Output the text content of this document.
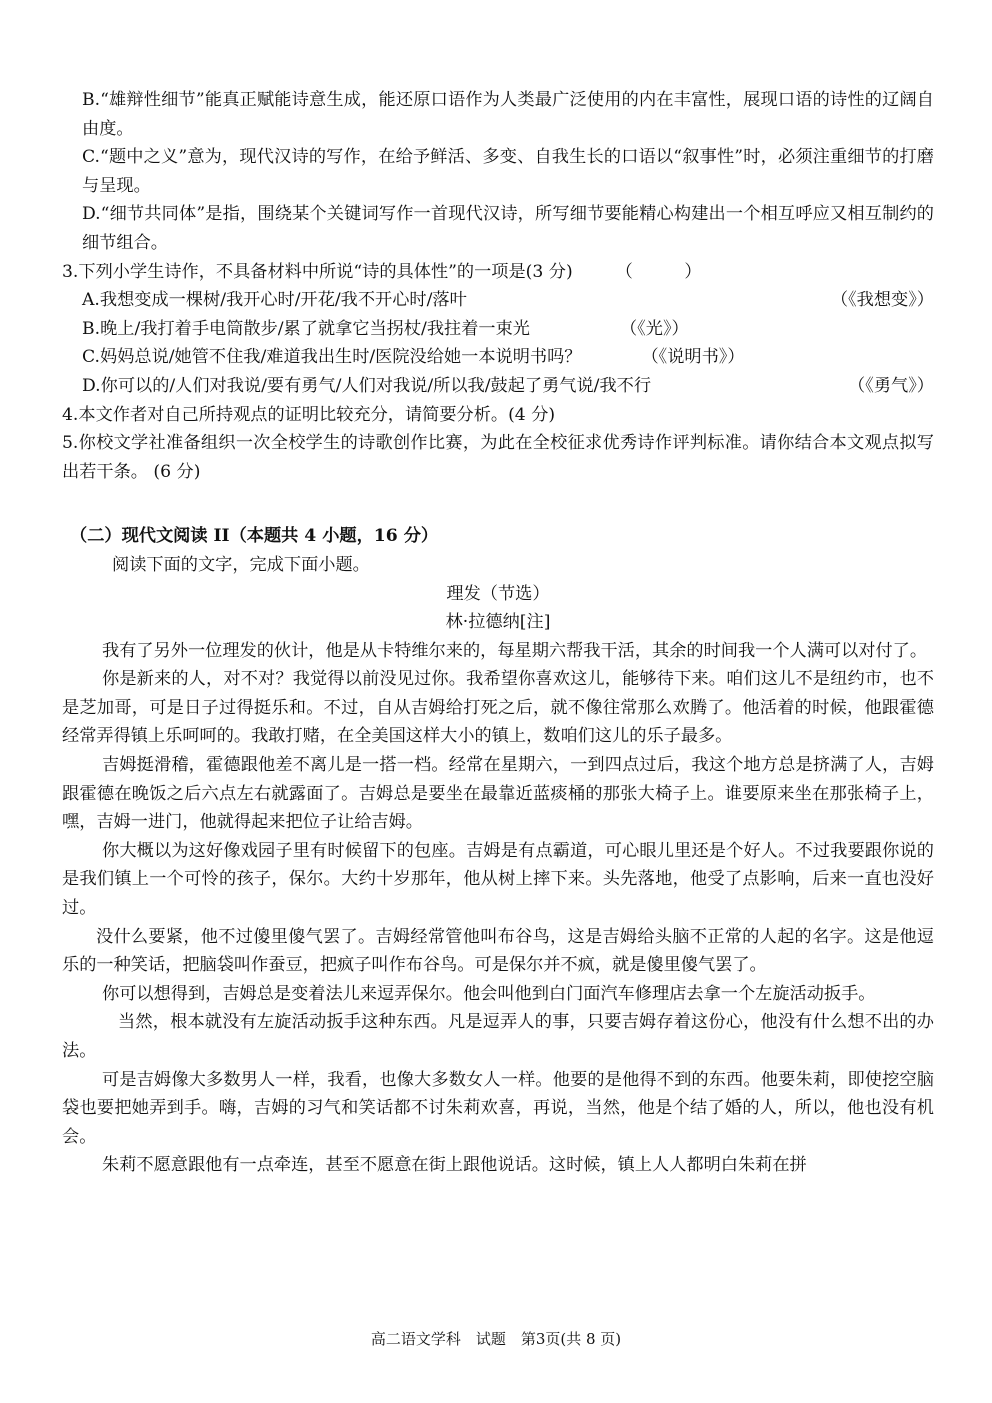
B.“雄辩性细节”能真正赋能诗意生成，能还原口语作为人类最广泛使用的内在丰富性，展现口语的诗性的辽阔自由度。

C.“题中之义”意为，现代汉诗的写作，在给予鲜活、多变、自我生长的口语以“叙事性”时，必须注重细节的打磨与呈现。

D.“细节共同体”是指，围绕某个关键词写作一首现代汉诗，所写细节要能精心构建出一个相互呼应又相互制约的细节组合。

3.下列小学生诗作，不具备材料中所说“诗的具体性”的一项是(3 分)　　　（　　　）

A.我想变成一棵树/我开心时/开花/我不开心时/落叶	（《我想变》）

B.晚上/我打着手电筒散步/累了就拿它当拐杖/我拄着一束光	（《光》）

C.妈妈总说/她管不住我/难道我出生时/医院没给她一本说明书吗？	（《说明书》）

D.你可以的/人们对我说/要有勇气/人们对我说/所以我/鼓起了勇气说/我不行	（《勇气》）

4.本文作者对自己所持观点的证明比较充分，请简要分析。(4 分)

5.你校文学社准备组织一次全校学生的诗歌创作比赛，为此在全校征求优秀诗作评判标准。请你结合本文观点拟写出若干条。 (6 分)

（二）现代文阅读 II（本题共 4 小题，16 分）

阅读下面的文字，完成下面小题。

理发（节选）

林·拉德纳[注]

我有了另外一位理发的伙计，他是从卡特维尔来的，每星期六帮我干活，其余的时间我一个人满可以对付了。

你是新来的人，对不对？我觉得以前没见过你。我希望你喜欢这儿，能够待下来。咱们这儿不是纽约市，也不是芝加哥，可是日子过得挺乐和。不过，自从吉姆给打死之后，就不像往常那么欢腾了。他活着的时候，他跟霍德经常弄得镇上乐呵呵的。我敢打赌，在全美国这样大小的镇上，数咱们这儿的乐子最多。

吉姆挺滑稽，霍德跟他差不离儿是一搭一档。经常在星期六，一到四点过后，我这个地方总是挤满了人，吉姆跟霍德在晚饭之后六点左右就露面了。吉姆总是要坐在最靠近蓝痰桶的那张大椅子上。谁要原来坐在那张椅子上，嘿，吉姆一进门，他就得起来把位子让给吉姆。

你大概以为这好像戏园子里有时候留下的包座。吉姆是有点霸道，可心眼儿里还是个好人。不过我要跟你说的是我们镇上一个可怜的孩子，保尔。大约十岁那年，他从树上摔下来。头先落地，他受了点影响，后来一直也没好过。

没什么要紧，他不过傻里傻气罢了。吉姆经常管他叫布谷鸟，这是吉姆给头脑不正常的人起的名字。这是他逗乐的一种笑话，把脑袋叫作蚕豆，把疯子叫作布谷鸟。可是保尔并不疯，就是傻里傻气罢了。

你可以想得到，吉姆总是变着法儿来逗弄保尔。他会叫他到白门面汽车修理店去拿一个左旋活动扳手。

当然，根本就没有左旋活动扳手这种东西。凡是逗弄人的事，只要吉姆存着这份心，他没有什么想不出的办法。

可是吉姆像大多数男人一样，我看，也像大多数女人一样。他要的是他得不到的东西。他要朱莉，即使挖空脑袋也要把她弄到手。嗨，吉姆的习气和笑话都不讨朱莉欢喜，再说，当然，他是个结了婚的人，所以，他也没有机会。

朱莉不愿意跟他有一点牵连，甚至不愿意在街上跟他说话。这时候，镇上人人都明白朱莉在拼

高二语文学科　试题　第3页(共 8 页)
